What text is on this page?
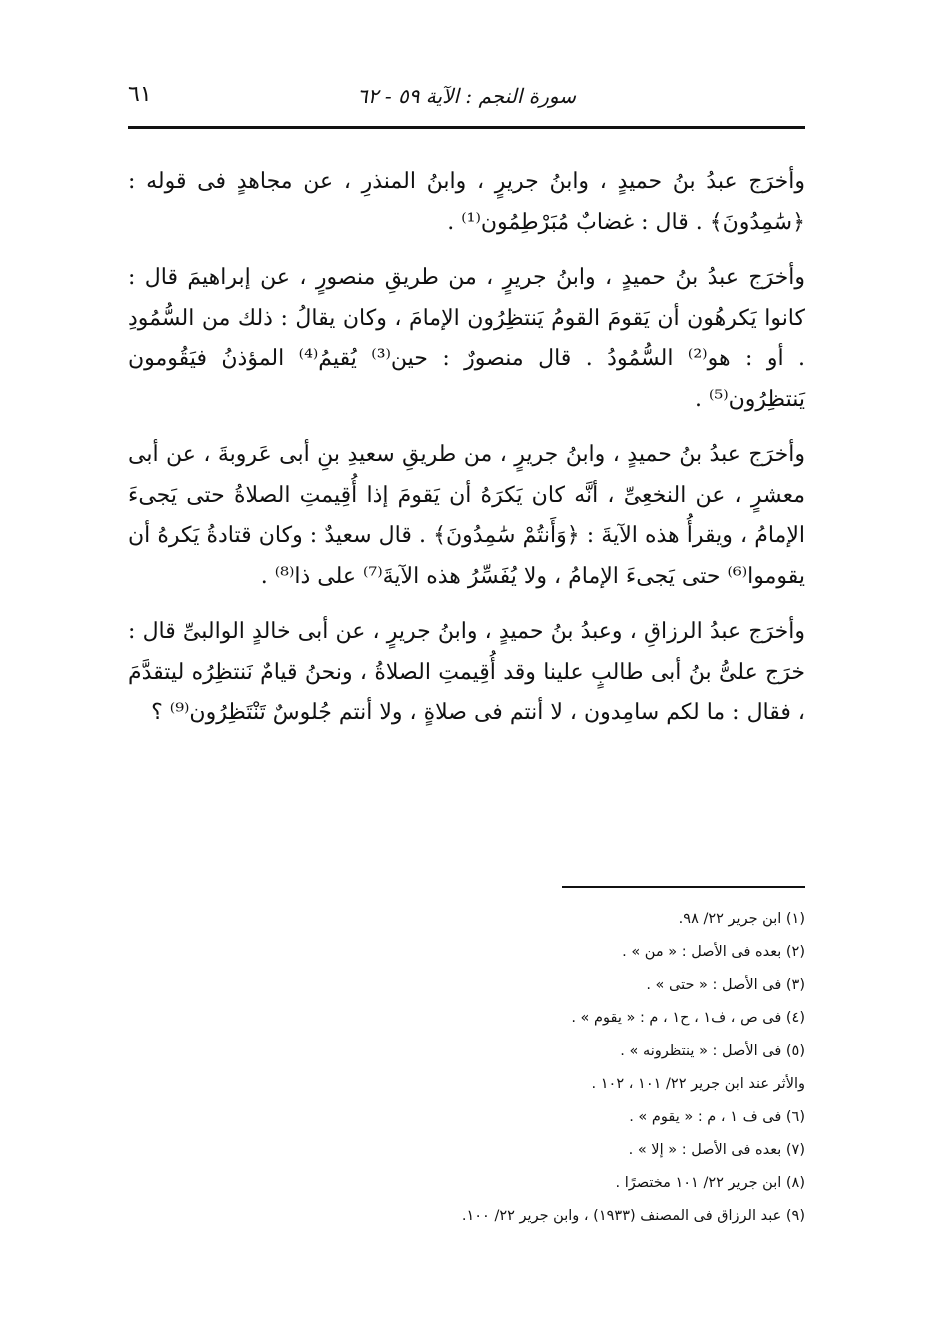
٦١	سورة النجم : الآية ٥٩ - ٦٢

وأخرَج عبدُ بنُ حميدٍ ، وابنُ جريرٍ ، وابنُ المنذرِ ، عن مجاهدٍ فى قوله : ﴿سَٰمِدُونَ﴾ . قال : غضابٌ مُبَرْطِمُون⁽¹⁾ .

وأخرَج عبدُ بنُ حميدٍ ، وابنُ جريرٍ ، من طريقِ منصورٍ ، عن إبراهيمَ قال : كانوا يَكرهُون أن يَقومَ القومُ يَنتظِرُون الإمامَ ، وكان يقالُ : ذلك من السُّمُودِ . أو : هو⁽²⁾ السُّمُودُ . قال منصورٌ : حين⁽³⁾ يُقيمُ⁽⁴⁾ المؤذنُ فيَقُومون يَنتظِرُون⁽⁵⁾ .

وأخرَج عبدُ بنُ حميدٍ ، وابنُ جريرٍ ، من طريقِ سعيدِ بنِ أبى عَروبةَ ، عن أبى معشرٍ ، عن النخعِىِّ ، أنَّه كان يَكرَهُ أن يَقومَ إذا أُقِيمتِ الصلاةُ حتى يَجىءَ الإمامُ ، ويقرأُ هذه الآيةَ : ﴿وَأَنتُمْ سَٰمِدُونَ﴾ . قال سعيدٌ : وكان قتادةُ يَكرهُ أن يقوموا⁽⁶⁾ حتى يَجىءَ الإمامُ ، ولا يُفَسِّرُ هذه الآيةَ⁽⁷⁾ على ذا⁽⁸⁾ .

وأخرَج عبدُ الرزاقِ ، وعبدُ بنُ حميدٍ ، وابنُ جريرٍ ، عن أبى خالدٍ الوالبىِّ قال : خرَج علىُّ بنُ أبى طالبٍ علينا وقد أُقِيمتِ الصلاةُ ، ونحنُ قيامٌ نَنتظِرُه ليتقدَّمَ ، فقال : ما لكم سامِدون ، لا أنتم فى صلاةٍ ، ولا أنتم جُلوسٌ تَنْتَظِرُون⁽⁹⁾ ؟

(١) ابن جرير ٢٢/ ٩٨.
(٢) بعده فى الأصل : « من » .
(٣) فى الأصل : « حتى » .
(٤) فى ص ، ف١ ، ح١ ، م : « يقوم » .
(٥) فى الأصل : « ينتظرونه » .
والأثر عند ابن جرير ٢٢/ ١٠١ ، ١٠٢ .
(٦) فى ف ١ ، م : « يقوم » .
(٧) بعده فى الأصل : « إلا » .
(٨) ابن جرير ٢٢/ ١٠١ مختصرًا .
(٩) عبد الرزاق فى المصنف (١٩٣٣) ، وابن جرير ٢٢/ ١٠٠.
